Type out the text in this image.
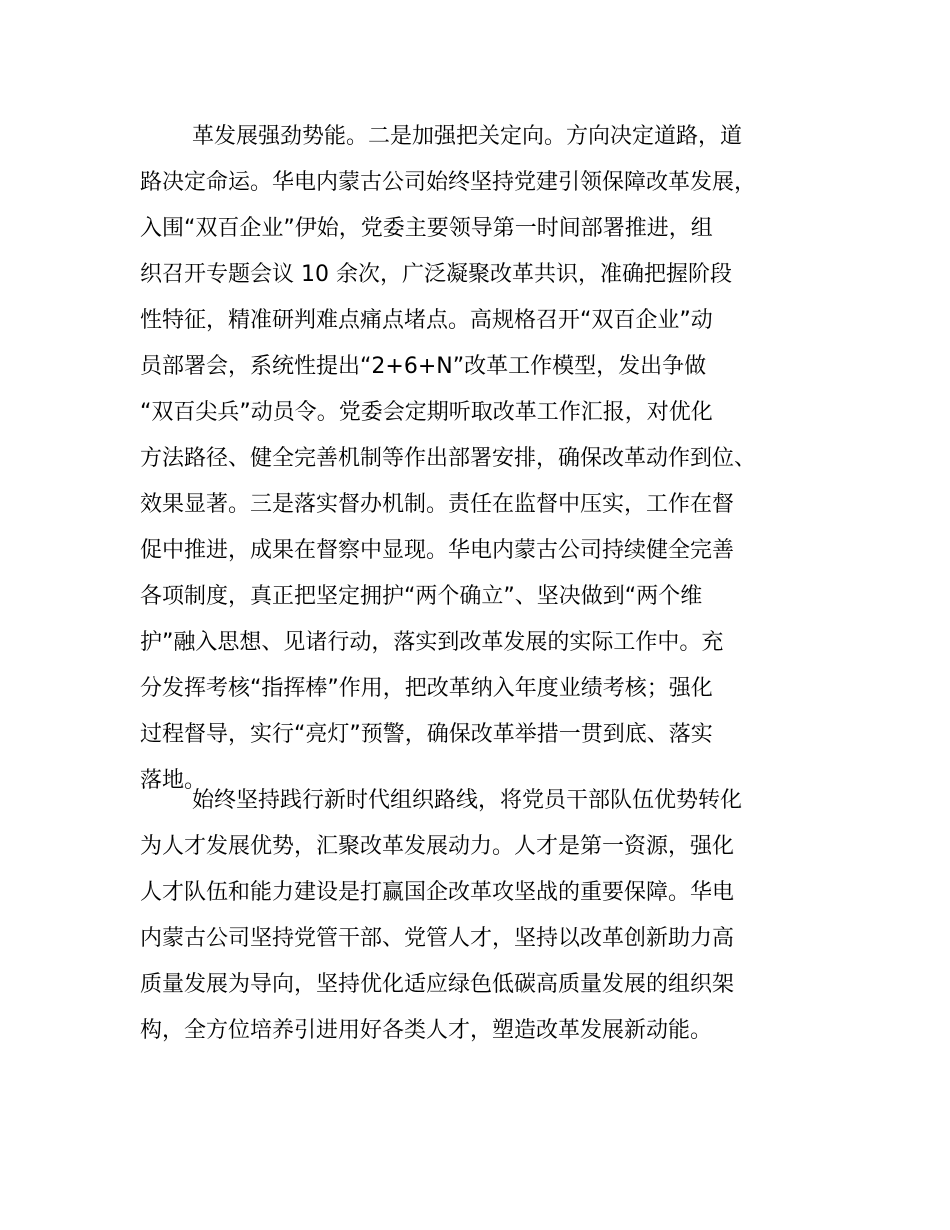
革发展强劲势能。二是加强把关定向。方向决定道路，道
路决定命运。华电内蒙古公司始终坚持党建引领保障改革发展，
入围“双百企业”伊始，党委主要领导第一时间部署推进，组
织召开专题会议 10 余次，广泛凝聚改革共识，准确把握阶段
性特征，精准研判难点痛点堵点。高规格召开“双百企业”动
员部署会，系统性提出“2+6+N”改革工作模型，发出争做
“双百尖兵”动员令。党委会定期听取改革工作汇报，对优化
方法路径、健全完善机制等作出部署安排，确保改革动作到位、
效果显著。三是落实督办机制。责任在监督中压实，工作在督
促中推进，成果在督察中显现。华电内蒙古公司持续健全完善
各项制度，真正把坚定拥护“两个确立”、坚决做到“两个维
护”融入思想、见诸行动，落实到改革发展的实际工作中。充
分发挥考核“指挥棒”作用，把改革纳入年度业绩考核；强化
过程督导，实行“亮灯”预警，确保改革举措一贯到底、落实
落地。
始终坚持践行新时代组织路线，将党员干部队伍优势转化
为人才发展优势，汇聚改革发展动力。人才是第一资源，强化
人才队伍和能力建设是打赢国企改革攻坚战的重要保障。华电
内蒙古公司坚持党管干部、党管人才，坚持以改革创新助力高
质量发展为导向，坚持优化适应绿色低碳高质量发展的组织架
构，全方位培养引进用好各类人才，塑造改革发展新动能。
